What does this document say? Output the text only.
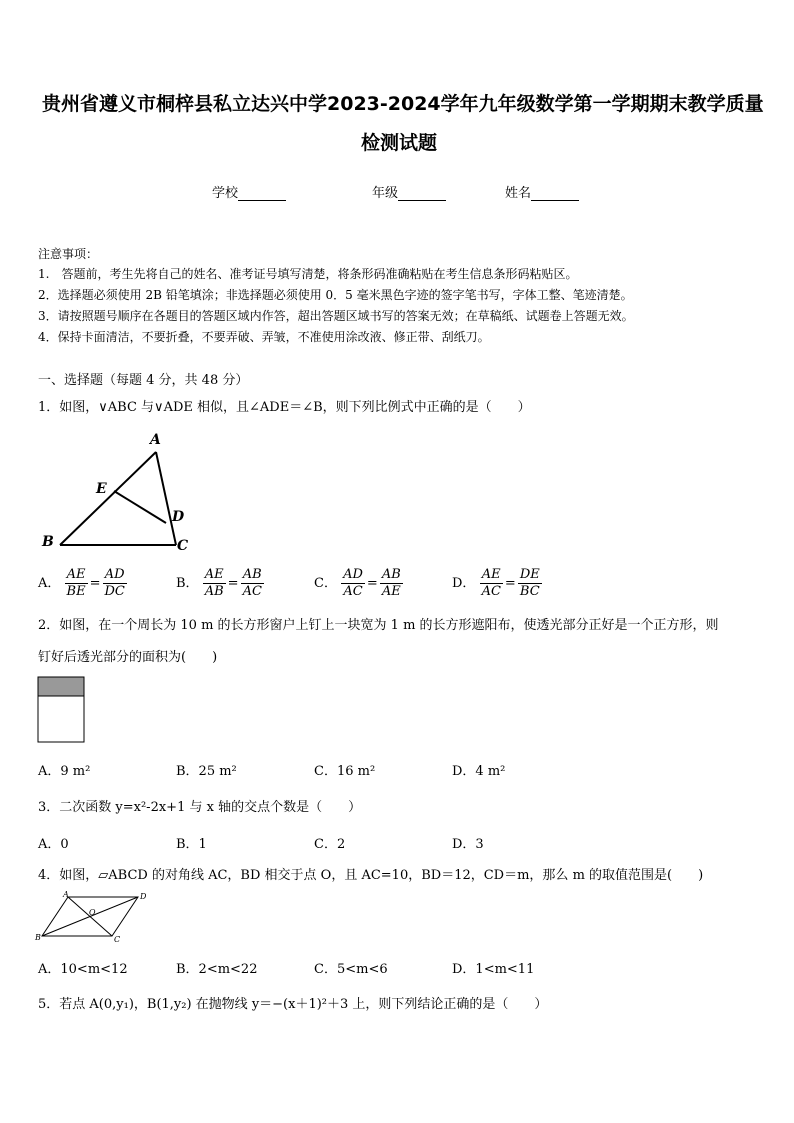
贵州省遵义市桐梓县私立达兴中学2023-2024学年九年级数学第一学期期末教学质量
检测试题
学校	年级	姓名
注意事项：
1.　答题前，考生先将自己的姓名、准考证号填写清楚，将条形码准确粘贴在考生信息条形码粘贴区。
2．选择题必须使用 2B 铅笔填涂；非选择题必须使用 0．5 毫米黑色字迹的签字笔书写，字体工整、笔迹清楚。
3．请按照题号顺序在各题目的答题区域内作答，超出答题区域书写的答案无效；在草稿纸、试题卷上答题无效。
4．保持卡面清洁，不要折叠，不要弄破、弄皱，不准使用涂改液、修正带、刮纸刀。
一、选择题（每题 4 分，共 48 分）
1．如图，∨ABC 与∨ADE 相似，且∠ADE＝∠B，则下列比例式中正确的是（　　）
A
B	C
D
E
A． $\frac{AE}{BE} = \frac{AD}{DC}$	B． $\frac{AE}{AB} = \frac{AB}{AC}$	C． $\frac{AD}{AC} = \frac{AB}{AE}$	D． $\frac{AE}{AC} = \frac{DE}{BC}$
2．如图，在一个周长为 10 m 的长方形窗户上钉上一块宽为 1 m 的长方形遮阳布，使透光部分正好是一个正方形，则
钉好后透光部分的面积为(　　)
A．9 m²	B．25 m²	C．16 m²	D．4 m²
3．二次函数 y=x²-2x+1 与 x 轴的交点个数是（　　）
A．0	B．1	C．2	D．3
4．如图，▱ABCD 的对角线 AC，BD 相交于点 O，且 AC=10，BD＝12，CD＝m，那么 m 的取值范围是(　　)
A	D
B	C
O
A．10<m<12	B．2<m<22	C．5<m<6	D．1<m<11
5．若点 A(0,y₁)，B(1,y₂) 在抛物线 y＝−(x＋1)²＋3 上，则下列结论正确的是（　　）
